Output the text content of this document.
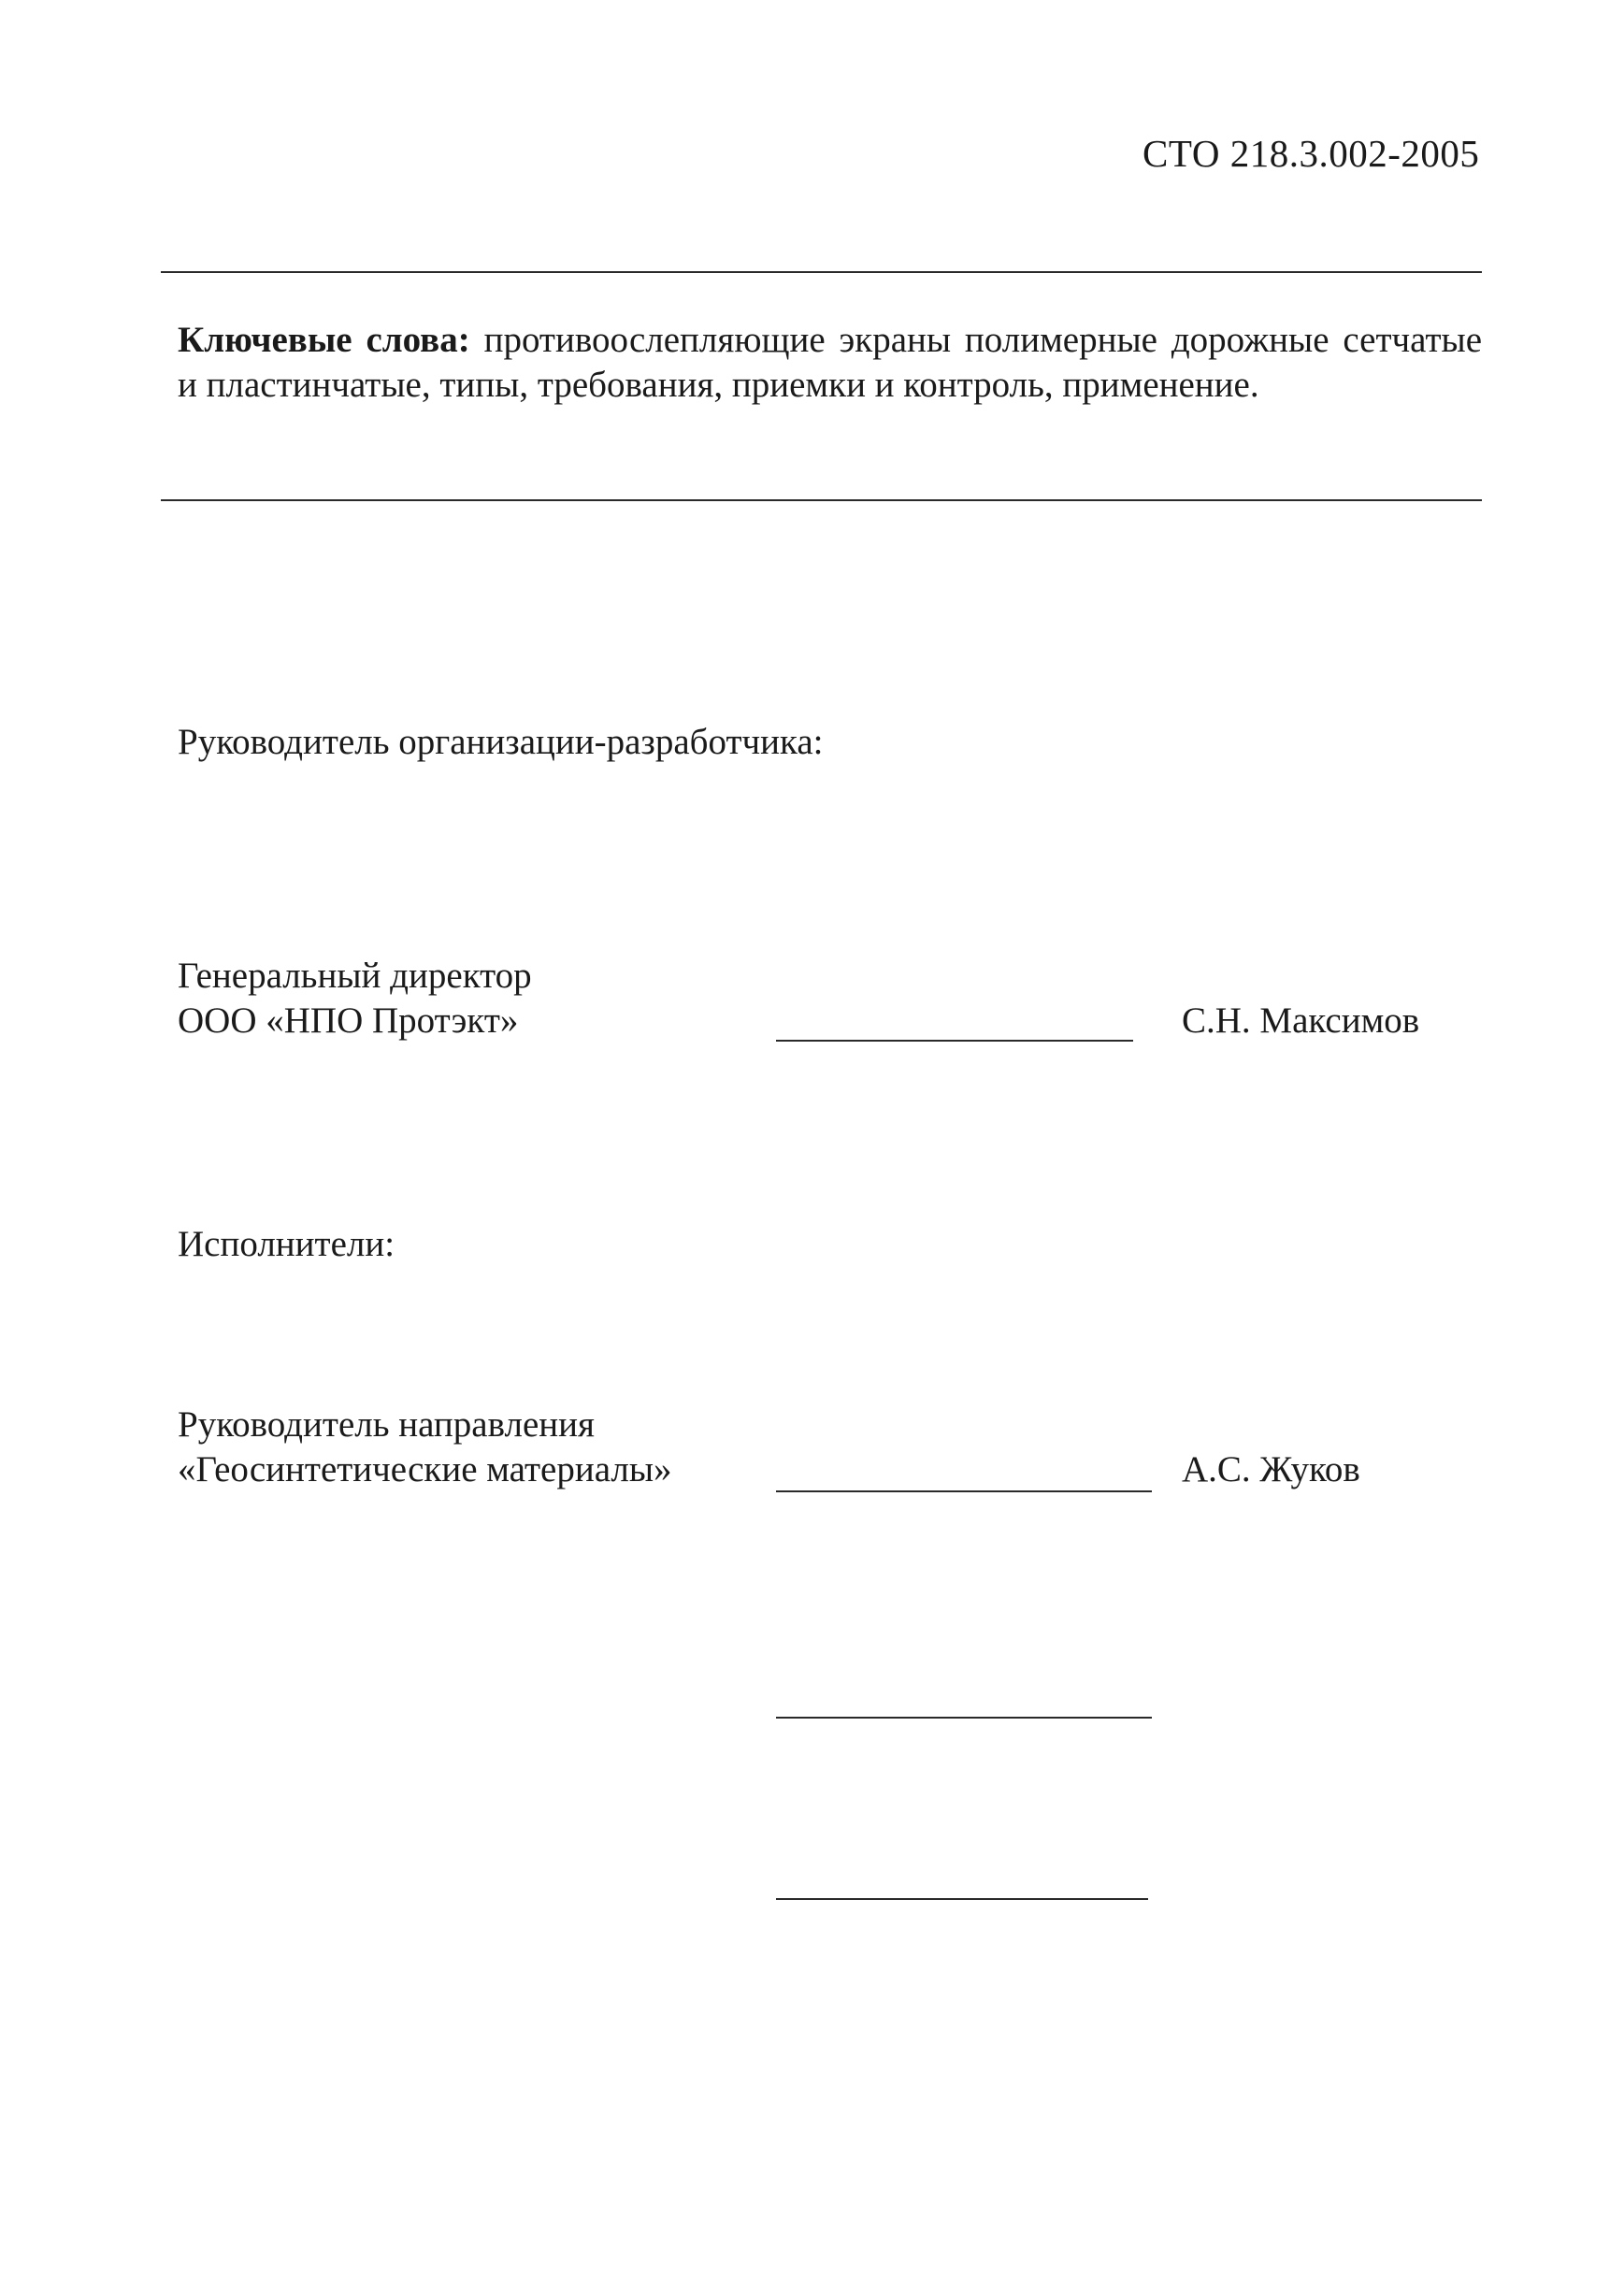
СТО 218.3.002-2005
Ключевые слова: противоослепляющие экраны полимерные дорожные сетчатые и пластинчатые, типы, требования, приемки и контроль, применение.
Руководитель организации-разработчика:
Генеральный директор
ООО «НПО Протэкт»	С.Н. Максимов
Исполнители:
Руководитель направления
«Геосинтетические материалы»	А.С. Жуков
